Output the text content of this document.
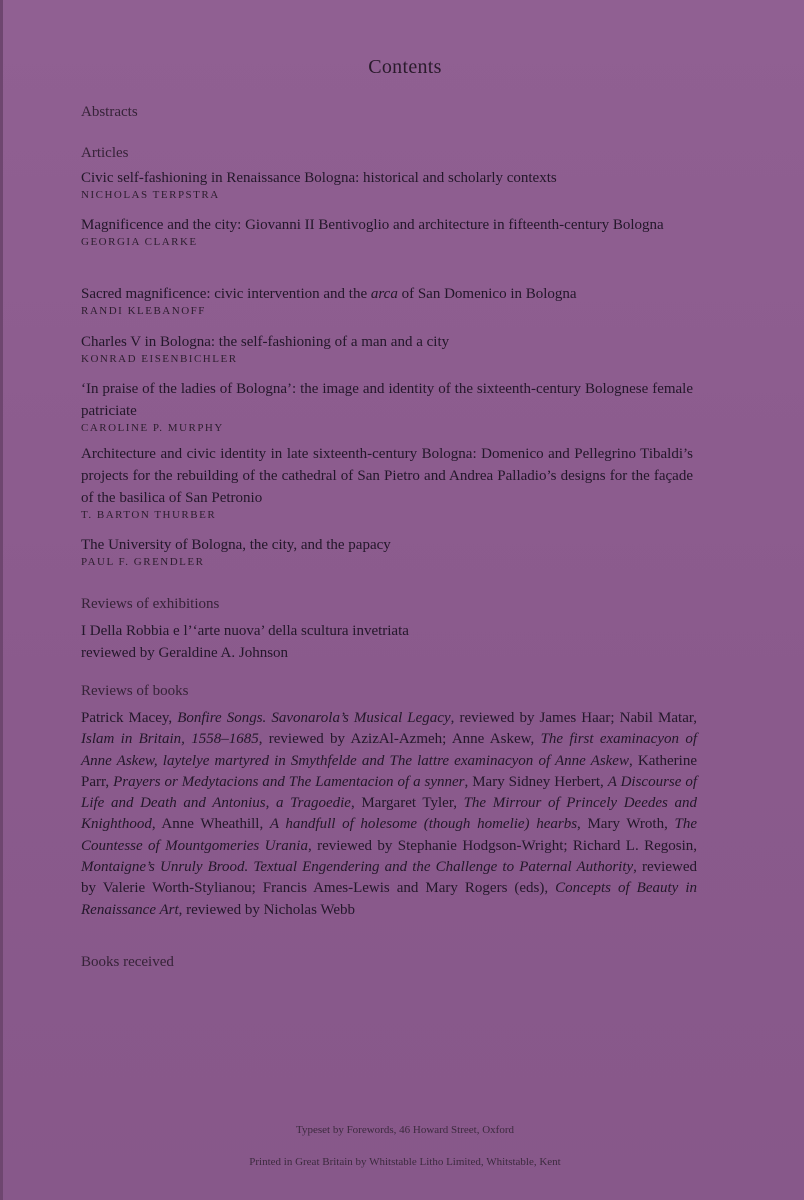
Contents
Abstracts
Articles
Civic self-fashioning in Renaissance Bologna: historical and scholarly contexts
NICHOLAS TERPSTRA
Magnificence and the city: Giovanni II Bentivoglio and architecture in fifteenth-century Bologna
GEORGIA CLARKE
Sacred magnificence: civic intervention and the arca of San Domenico in Bologna
RANDI KLEBANOFF
Charles V in Bologna: the self-fashioning of a man and a city
KONRAD EISENBICHLER
‘In praise of the ladies of Bologna’: the image and identity of the sixteenth-century Bolognese female patriciate
CAROLINE P. MURPHY
Architecture and civic identity in late sixteenth-century Bologna: Domenico and Pellegrino Tibaldi’s projects for the rebuilding of the cathedral of San Pietro and Andrea Palladio’s designs for the façade of the basilica of San Petronio
T. BARTON THURBER
The University of Bologna, the city, and the papacy
PAUL F. GRENDLER
Reviews of exhibitions
I Della Robbia e l’‘arte nuova’ della scultura invetriata
reviewed by Geraldine A. Johnson
Reviews of books
Patrick Macey, Bonfire Songs. Savonarola’s Musical Legacy, reviewed by James Haar; Nabil Matar, Islam in Britain, 1558–1685, reviewed by AzizAl-Azmeh; Anne Askew, The first examinacyon of Anne Askew, laytelye martyred in Smythfelde and The lattre examinacyon of Anne Askew, Katherine Parr, Prayers or Medytacions and The Lamentacion of a synner, Mary Sidney Herbert, A Discourse of Life and Death and Antonius, a Tragoedie, Margaret Tyler, The Mirrour of Princely Deedes and Knighthood, Anne Wheathill, A handfull of holesome (though homelie) hearbs, Mary Wroth, The Countesse of Mountgomeries Urania, reviewed by Stephanie Hodgson-Wright; Richard L. Regosin, Montaigne’s Unruly Brood. Textual Engendering and the Challenge to Paternal Authority, reviewed by Valerie Worth-Stylianou; Francis Ames-Lewis and Mary Rogers (eds), Concepts of Beauty in Renaissance Art, reviewed by Nicholas Webb
Books received
Typeset by Forewords, 46 Howard Street, Oxford
Printed in Great Britain by Whitstable Litho Limited, Whitstable, Kent
